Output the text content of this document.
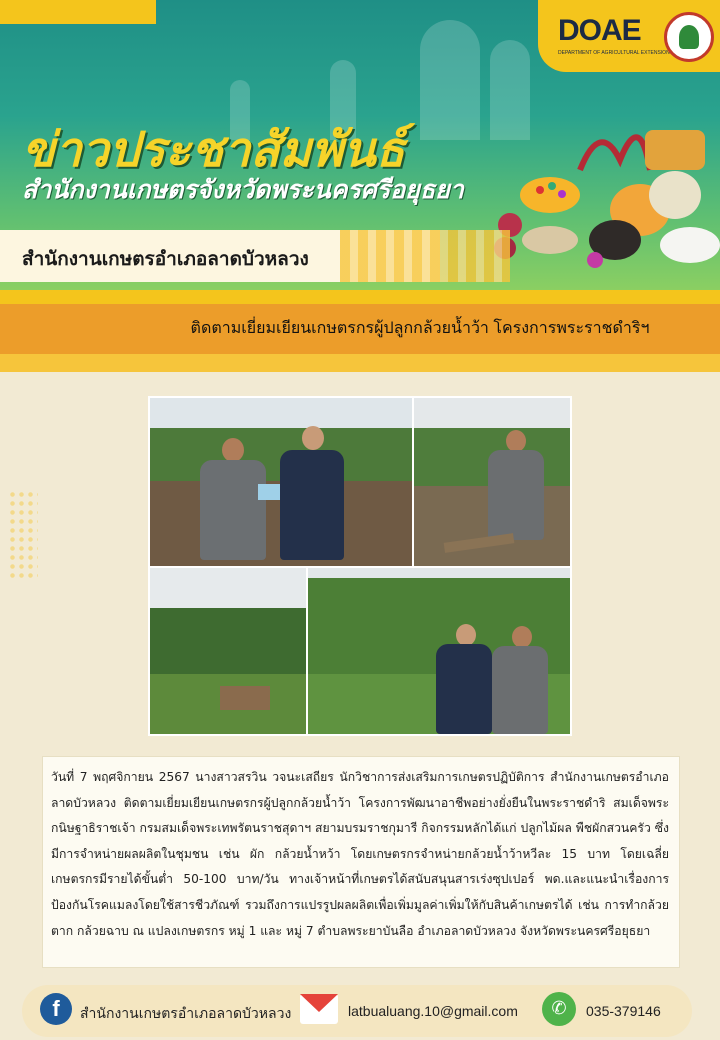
DOAE
DEPARTMENT OF AGRICULTURAL EXTENSION
ข่าวประชาสัมพันธ์
สำนักงานเกษตรจังหวัดพระนครศรีอยุธยา
สำนักงานเกษตรอำเภอลาดบัวหลวง
ติดตามเยี่ยมเยียนเกษตรกรผู้ปลูกกล้วยน้ำว้า โครงการพระราชดำริฯ

วันที่ 7 พฤศจิกายน 2567 นางสาวสรวิน วจนะเสถียร นักวิชาการส่งเสริมการเกษตรปฏิบัติการ สำนักงานเกษตรอำเภอลาดบัวหลวง ติดตามเยี่ยมเยียนเกษตรกรผู้ปลูกกล้วยน้ำว้า โครงการพัฒนาอาชีพอย่างยั่งยืนในพระราชดำริ สมเด็จพระกนิษฐาธิราชเจ้า กรมสมเด็จพระเทพรัตนราชสุดาฯ สยามบรมราชกุมารี กิจกรรมหลักได้แก่ ปลูกไม้ผล พืชผักสวนครัว ซึ่งมีการจำหน่ายผลผลิตในชุมชน เช่น ผัก กล้วยน้ำหว้า โดยเกษตรกรจำหน่ายกล้วยน้ำว้าหวีละ 15 บาท โดยเฉลี่ยเกษตรกรมีรายได้ขั้นต่ำ 50-100 บาท/วัน ทางเจ้าหน้าที่เกษตรได้สนับสนุนสารเร่งซุปเปอร์ พด.และแนะนำเรื่องการป้องกันโรคแมลงโดยใช้สารชีวภัณฑ์ รวมถึงการแปรรูปผลผลิตเพื่อเพิ่มมูลค่าเพิ่มให้กับสินค้าเกษตรได้ เช่น การทำกล้วยตาก กล้วยฉาบ ณ แปลงเกษตรกร หมู่ 1 และ หมู่ 7 ตำบลพระยาบันลือ อำเภอลาดบัวหลวง จังหวัดพระนครศรีอยุธยา

f	สำนักงานเกษตรอำเภอลาดบัวหลวง	latbualuang.10@gmail.com	✆	035-379146
